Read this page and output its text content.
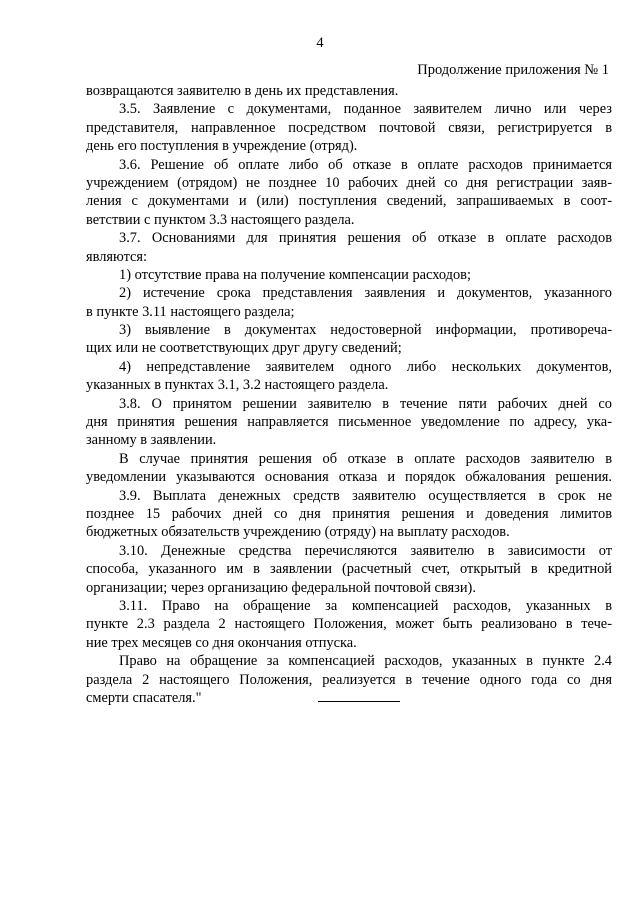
4
Продолжение приложения № 1
возвращаются заявителю в день их представления.
3.5. Заявление с документами, поданное заявителем лично или через
представителя, направленное посредством почтовой связи, регистрируется в
день его поступления в учреждение (отряд).
3.6. Решение об оплате либо об отказе в оплате расходов принимается
учреждением (отрядом) не позднее 10 рабочих дней со дня регистрации заяв-
ления с документами и (или) поступления сведений, запрашиваемых в соот-
ветствии с пунктом 3.3 настоящего раздела.
3.7. Основаниями для принятия решения об отказе в оплате расходов
являются:
1) отсутствие права на получение компенсации расходов;
2) истечение срока представления заявления и документов, указанного
в пункте 3.11 настоящего раздела;
3) выявление в документах недостоверной информации, противореча-
щих или не соответствующих друг другу сведений;
4) непредставление заявителем одного либо нескольких документов,
указанных в пунктах 3.1, 3.2 настоящего раздела.
3.8. О принятом решении заявителю в течение пяти рабочих дней со
дня принятия решения направляется письменное уведомление по адресу, ука-
занному в заявлении.
В случае принятия решения об отказе в оплате расходов заявителю в
уведомлении указываются основания отказа и порядок обжалования решения.
3.9. Выплата денежных средств заявителю осуществляется в срок не
позднее 15 рабочих дней со дня принятия решения и доведения лимитов
бюджетных обязательств учреждению (отряду) на выплату расходов.
3.10. Денежные средства перечисляются заявителю в зависимости от
способа, указанного им в заявлении (расчетный счет, открытый в кредитной
организации; через организацию федеральной почтовой связи).
3.11. Право на обращение за компенсацией расходов, указанных в
пункте 2.3 раздела 2 настоящего Положения, может быть реализовано в тече-
ние трех месяцев со дня окончания отпуска.
Право на обращение за компенсацией расходов, указанных в пункте 2.4
раздела 2 настоящего Положения, реализуется в течение одного года со дня
смерти спасателя."
